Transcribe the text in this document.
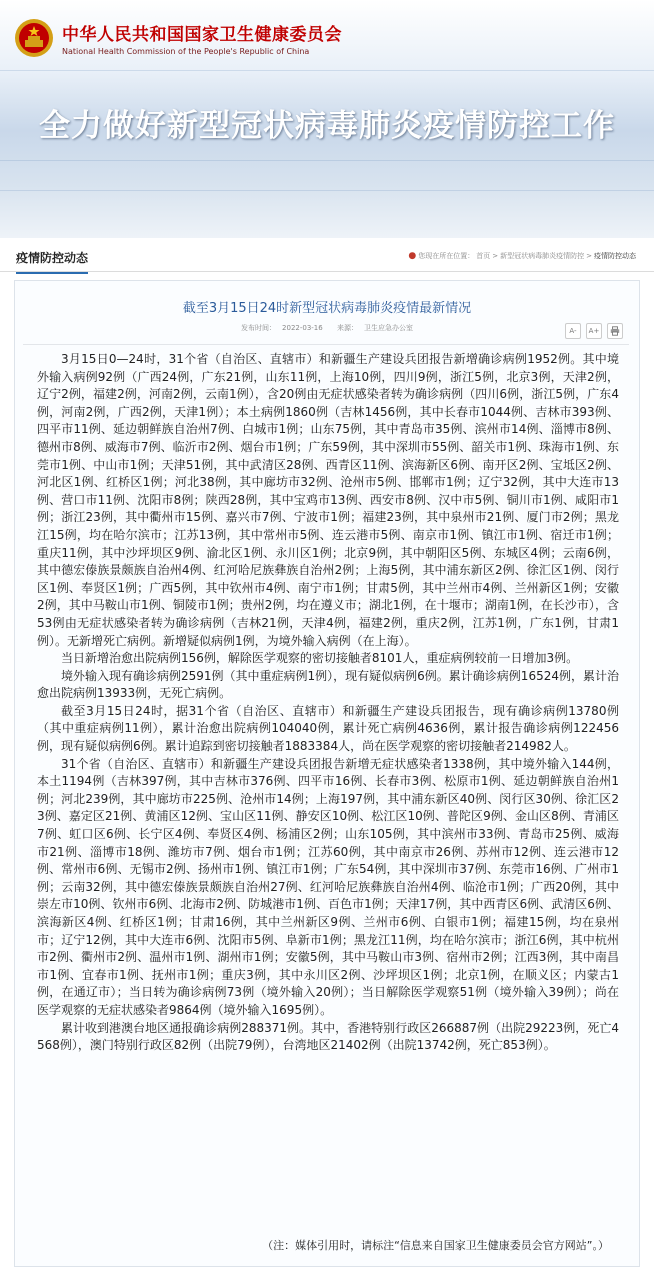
中华人民共和国国家卫生健康委员会
National Health Commission of the People's Republic of China
全力做好新型冠状病毒肺炎疫情防控工作
疫情防控动态	● 您现在所在位置： 首页 > 新型冠状病毒肺炎疫情防控 > 疫情防控动态
截至3月15日24时新型冠状病毒肺炎疫情最新情况
发布时间： 2022-03-16 来源： 卫生应急办公室	A-	A+

3月15日0—24时，31个省（自治区、直辖市）和新疆生产建设兵团报告新增确诊病例1952例。其中境外输入病例92例（广西24例，广东21例，山东11例，上海10例，四川9例，浙江5例，北京3例，天津2例，辽宁2例，福建2例，河南2例，云南1例），含20例由无症状感染者转为确诊病例（四川6例，浙江5例，广东4例，河南2例，广西2例，天津1例）；本土病例1860例（吉林1456例，其中长春市1044例、吉林市393例、四平市11例、延边朝鲜族自治州7例、白城市1例；山东75例，其中青岛市35例、滨州市14例、淄博市8例、德州市8例、威海市7例、临沂市2例、烟台市1例；广东59例，其中深圳市55例、韶关市1例、珠海市1例、东莞市1例、中山市1例；天津51例，其中武清区28例、西青区11例、滨海新区6例、南开区2例、宝坻区2例、河北区1例、红桥区1例；河北38例，其中廊坊市32例、沧州市5例、邯郸市1例；辽宁32例，其中大连市13例、营口市11例、沈阳市8例；陕西28例，其中宝鸡市13例、西安市8例、汉中市5例、铜川市1例、咸阳市1例；浙江23例，其中衢州市15例、嘉兴市7例、宁波市1例；福建23例，其中泉州市21例、厦门市2例；黑龙江15例，均在哈尔滨市；江苏13例，其中常州市5例、连云港市5例、南京市1例、镇江市1例、宿迁市1例；重庆11例，其中沙坪坝区9例、渝北区1例、永川区1例；北京9例，其中朝阳区5例、东城区4例；云南6例，其中德宏傣族景颇族自治州4例、红河哈尼族彝族自治州2例；上海5例，其中浦东新区2例、徐汇区1例、闵行区1例、奉贤区1例；广西5例，其中钦州市4例、南宁市1例；甘肃5例，其中兰州市4例、兰州新区1例；安徽2例，其中马鞍山市1例、铜陵市1例；贵州2例，均在遵义市；湖北1例，在十堰市；湖南1例，在长沙市），含53例由无症状感染者转为确诊病例（吉林21例，天津4例，福建2例，重庆2例，江苏1例，广东1例，甘肃1例）。无新增死亡病例。新增疑似病例1例，为境外输入病例（在上海）。

当日新增治愈出院病例156例，解除医学观察的密切接触者8101人，重症病例较前一日增加3例。

境外输入现有确诊病例2591例（其中重症病例1例），现有疑似病例6例。累计确诊病例16524例，累计治愈出院病例13933例，无死亡病例。

截至3月15日24时，据31个省（自治区、直辖市）和新疆生产建设兵团报告，现有确诊病例13780例（其中重症病例11例），累计治愈出院病例104040例，累计死亡病例4636例，累计报告确诊病例122456例，现有疑似病例6例。累计追踪到密切接触者1883384人，尚在医学观察的密切接触者214982人。

31个省（自治区、直辖市）和新疆生产建设兵团报告新增无症状感染者1338例，其中境外输入144例，本土1194例（吉林397例，其中吉林市376例、四平市16例、长春市3例、松原市1例、延边朝鲜族自治州1例；河北239例，其中廊坊市225例、沧州市14例；上海197例，其中浦东新区40例、闵行区30例、徐汇区23例、嘉定区21例、黄浦区12例、宝山区11例、静安区10例、松江区10例、普陀区9例、金山区8例、青浦区7例、虹口区6例、长宁区4例、奉贤区4例、杨浦区2例；山东105例，其中滨州市33例、青岛市25例、威海市21例、淄博市18例、潍坊市7例、烟台市1例；江苏60例，其中南京市26例、苏州市12例、连云港市12例、常州市6例、无锡市2例、扬州市1例、镇江市1例；广东54例，其中深圳市37例、东莞市16例、广州市1例；云南32例，其中德宏傣族景颇族自治州27例、红河哈尼族彝族自治州4例、临沧市1例；广西20例，其中崇左市10例、钦州市6例、北海市2例、防城港市1例、百色市1例；天津17例，其中西青区6例、武清区6例、滨海新区4例、红桥区1例；甘肃16例，其中兰州新区9例、兰州市6例、白银市1例；福建15例，均在泉州市；辽宁12例，其中大连市6例、沈阳市5例、阜新市1例；黑龙江11例，均在哈尔滨市；浙江6例，其中杭州市2例、衢州市2例、温州市1例、湖州市1例；安徽5例，其中马鞍山市3例、宿州市2例；江西3例，其中南昌市1例、宜春市1例、抚州市1例；重庆3例，其中永川区2例、沙坪坝区1例；北京1例，在顺义区；内蒙古1例，在通辽市）；当日转为确诊病例73例（境外输入20例）；当日解除医学观察51例（境外输入39例）；尚在医学观察的无症状感染者9864例（境外输入1695例）。

累计收到港澳台地区通报确诊病例288371例。其中，香港特别行政区266887例（出院29223例，死亡4568例），澳门特别行政区82例（出院79例），台湾地区21402例（出院13742例，死亡853例）。

（注：媒体引用时，请标注“信息来自国家卫生健康委员会官方网站”。）
